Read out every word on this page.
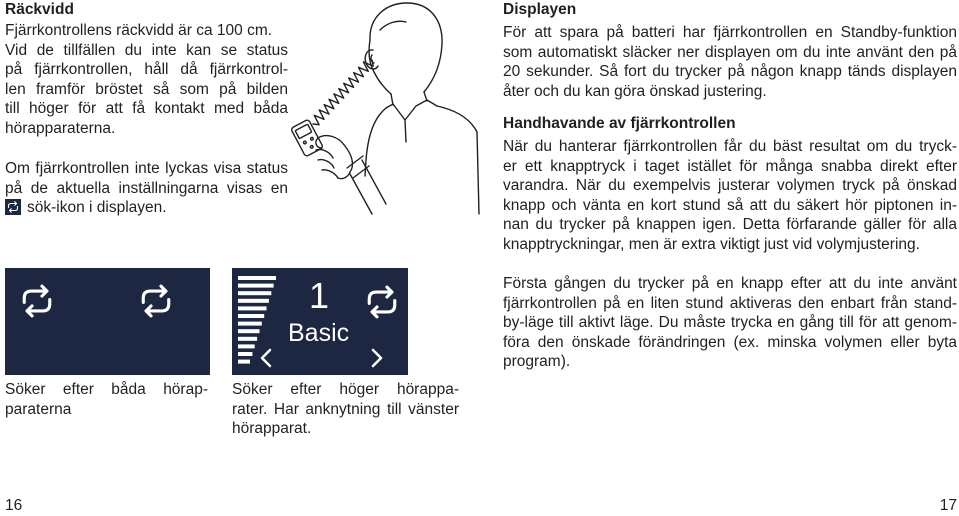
Räckvidd
Fjärrkontrollens räckvidd är ca 100 cm.
Vid de tillfällen du inte kan se status
på fjärrkontrollen, håll då fjärrkontrol-
len framför bröstet så som på bilden
till höger för att få kontakt med båda
hörapparaterna.
Om fjärrkontrollen inte lyckas visa status
på de aktuella inställningarna visas en
sök-ikon i displayen.
1
Basic
Söker efter båda hörap-
paraterna
Söker efter höger hörappa-
rater. Har anknytning till vänster
hörapparat.
Displayen
För att spara på batteri har fjärrkontrollen en Standby-funktion
som automatiskt släcker ner displayen om du inte använt den på
20 sekunder. Så fort du trycker på någon knapp tänds displayen
åter och du kan göra önskad justering.
Handhavande av fjärrkontrollen
När du hanterar fjärrkontrollen får du bäst resultat om du tryck-
er ett knapptryck i taget istället för många snabba direkt efter
varandra. När du exempelvis justerar volymen tryck på önskad
knapp och vänta en kort stund så att du säkert hör piptonen in-
nan du trycker på knappen igen. Detta förfarande gäller för alla
knapptryckningar, men är extra viktigt just vid volymjustering.
Första gången du trycker på en knapp efter att du inte använt
fjärrkontrollen på en liten stund aktiveras den enbart från stand-
by-läge till aktivt läge. Du måste trycka en gång till för att genom-
föra den önskade förändringen (ex. minska volymen eller byta
program).
16	17
